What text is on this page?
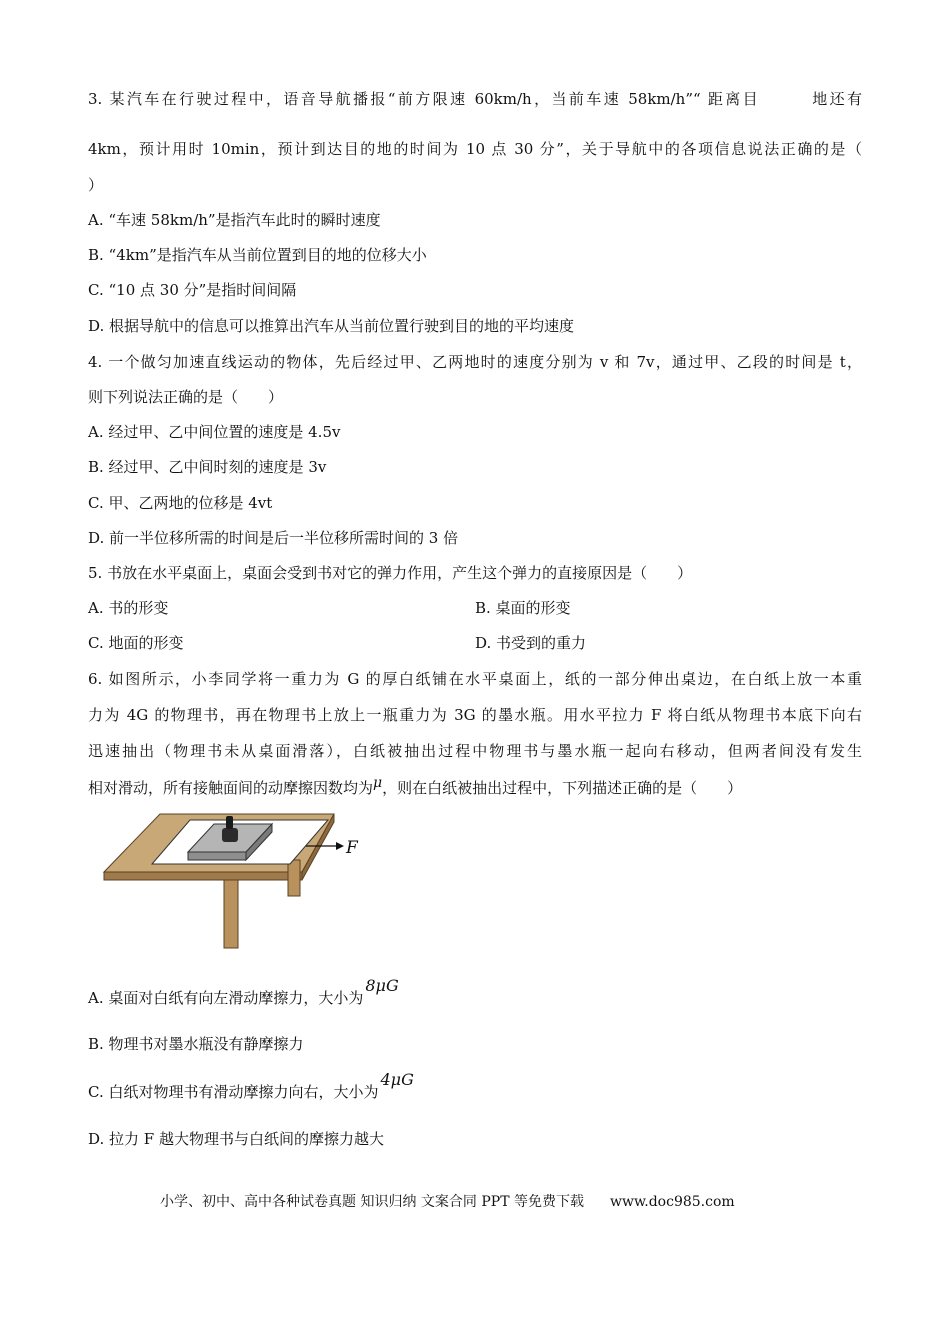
3. 某汽车在行驶过程中，语音导航播报“前方限速 60km/h，当前车速 58km/h”“ 距离目　　　地还有
4km，预计用时 10min，预计到达目的地的时间为 10 点 30 分”，关于导航中的各项信息说法正确的是（
）
A. “车速 58km/h”是指汽车此时的瞬时速度
B. “4km”是指汽车从当前位置到目的地的位移大小
C. “10 点 30 分”是指时间间隔
D. 根据导航中的信息可以推算出汽车从当前位置行驶到目的地的平均速度
4. 一个做匀加速直线运动的物体，先后经过甲、乙两地时的速度分别为 v 和 7v，通过甲、乙段的时间是 t，
则下列说法正确的是（　　）
A. 经过甲、乙中间位置的速度是 4.5v
B. 经过甲、乙中间时刻的速度是 3v
C. 甲、乙两地的位移是 4vt
D. 前一半位移所需的时间是后一半位移所需时间的 3 倍
5. 书放在水平桌面上，桌面会受到书对它的弹力作用，产生这个弹力的直接原因是（　　）
A. 书的形变	B. 桌面的形变
C. 地面的形变	D. 书受到的重力
6. 如图所示，小李同学将一重力为 G 的厚白纸铺在水平桌面上，纸的一部分伸出桌边，在白纸上放一本重
力为 4G 的物理书，再在物理书上放上一瓶重力为 3G 的墨水瓶。用水平拉力 F 将白纸从物理书本底下向右
迅速抽出（物理书未从桌面滑落），白纸被抽出过程中物理书与墨水瓶一起向右移动，但两者间没有发生
相对滑动，所有接触面间的动摩擦因数均为μ，则在白纸被抽出过程中，下列描述正确的是（　　）
F
A. 桌面对白纸有向左滑动摩擦力，大小为8μG
B. 物理书对墨水瓶没有静摩擦力
C. 白纸对物理书有滑动摩擦力向右，大小为4μG
D. 拉力 F 越大物理书与白纸间的摩擦力越大
小学、初中、高中各种试卷真题 知识归纳 文案合同 PPT 等免费下载 www.doc985.com
